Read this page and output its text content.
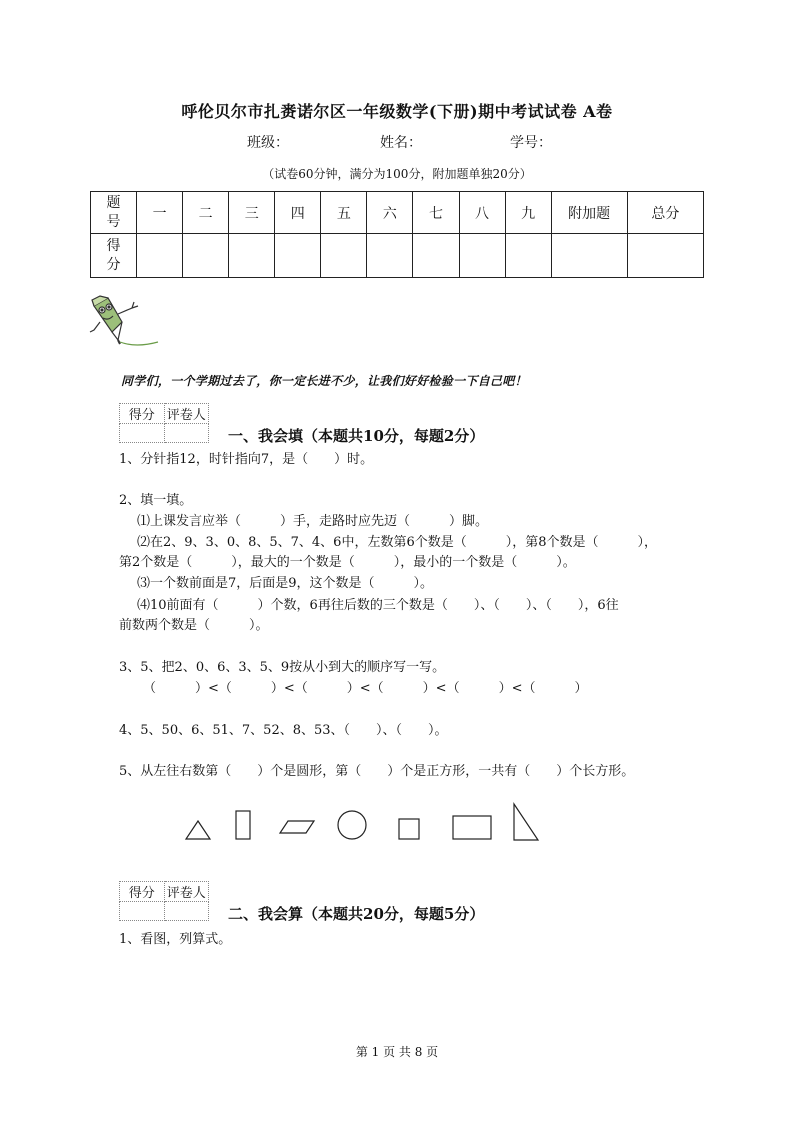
呼伦贝尔市扎赉诺尔区一年级数学(下册)期中考试试卷 A卷
班级：	姓名：	学号：
（试卷60分钟，满分为100分，附加题单独20分）
题
号	一	二	三	四	五	六	七	八	九	附加题	总分

得
分											

同学们，一个学期过去了，你一定长进不少，让我们好好检验一下自己吧！
得分	评卷人

一、我会填（本题共10分，每题2分）
1、分针指12，时针指向7，是（　　）时。
2、填一填。
⑴上课发言应举（　　　）手，走路时应先迈（　　　）脚。
⑵在2、9、3、0、8、5、7、4、6中，左数第6个数是（　　　），第8个数是（　　　），
第2个数是（　　　），最大的一个数是（　　　），最小的一个数是（　　　）。
⑶一个数前面是7，后面是9，这个数是（　　　）。
⑷10前面有（　　　）个数，6再往后数的三个数是（　　）、（　　）、（　　），6往
前数两个数是（　　　）。
3、5、把2、0、6、3、5、9按从小到大的顺序写一写。
（　　　）<（　　　）<（　　　）<（　　　）<（　　　）<（　　　）
4、5、50、6、51、7、52、8、53、（　　）、（　　）。
5、从左往右数第（　　）个是圆形，第（　　）个是正方形，一共有（　　）个长方形。
得分	评卷人

二、我会算（本题共20分，每题5分）
1、看图，列算式。
第 1 页 共 8 页
